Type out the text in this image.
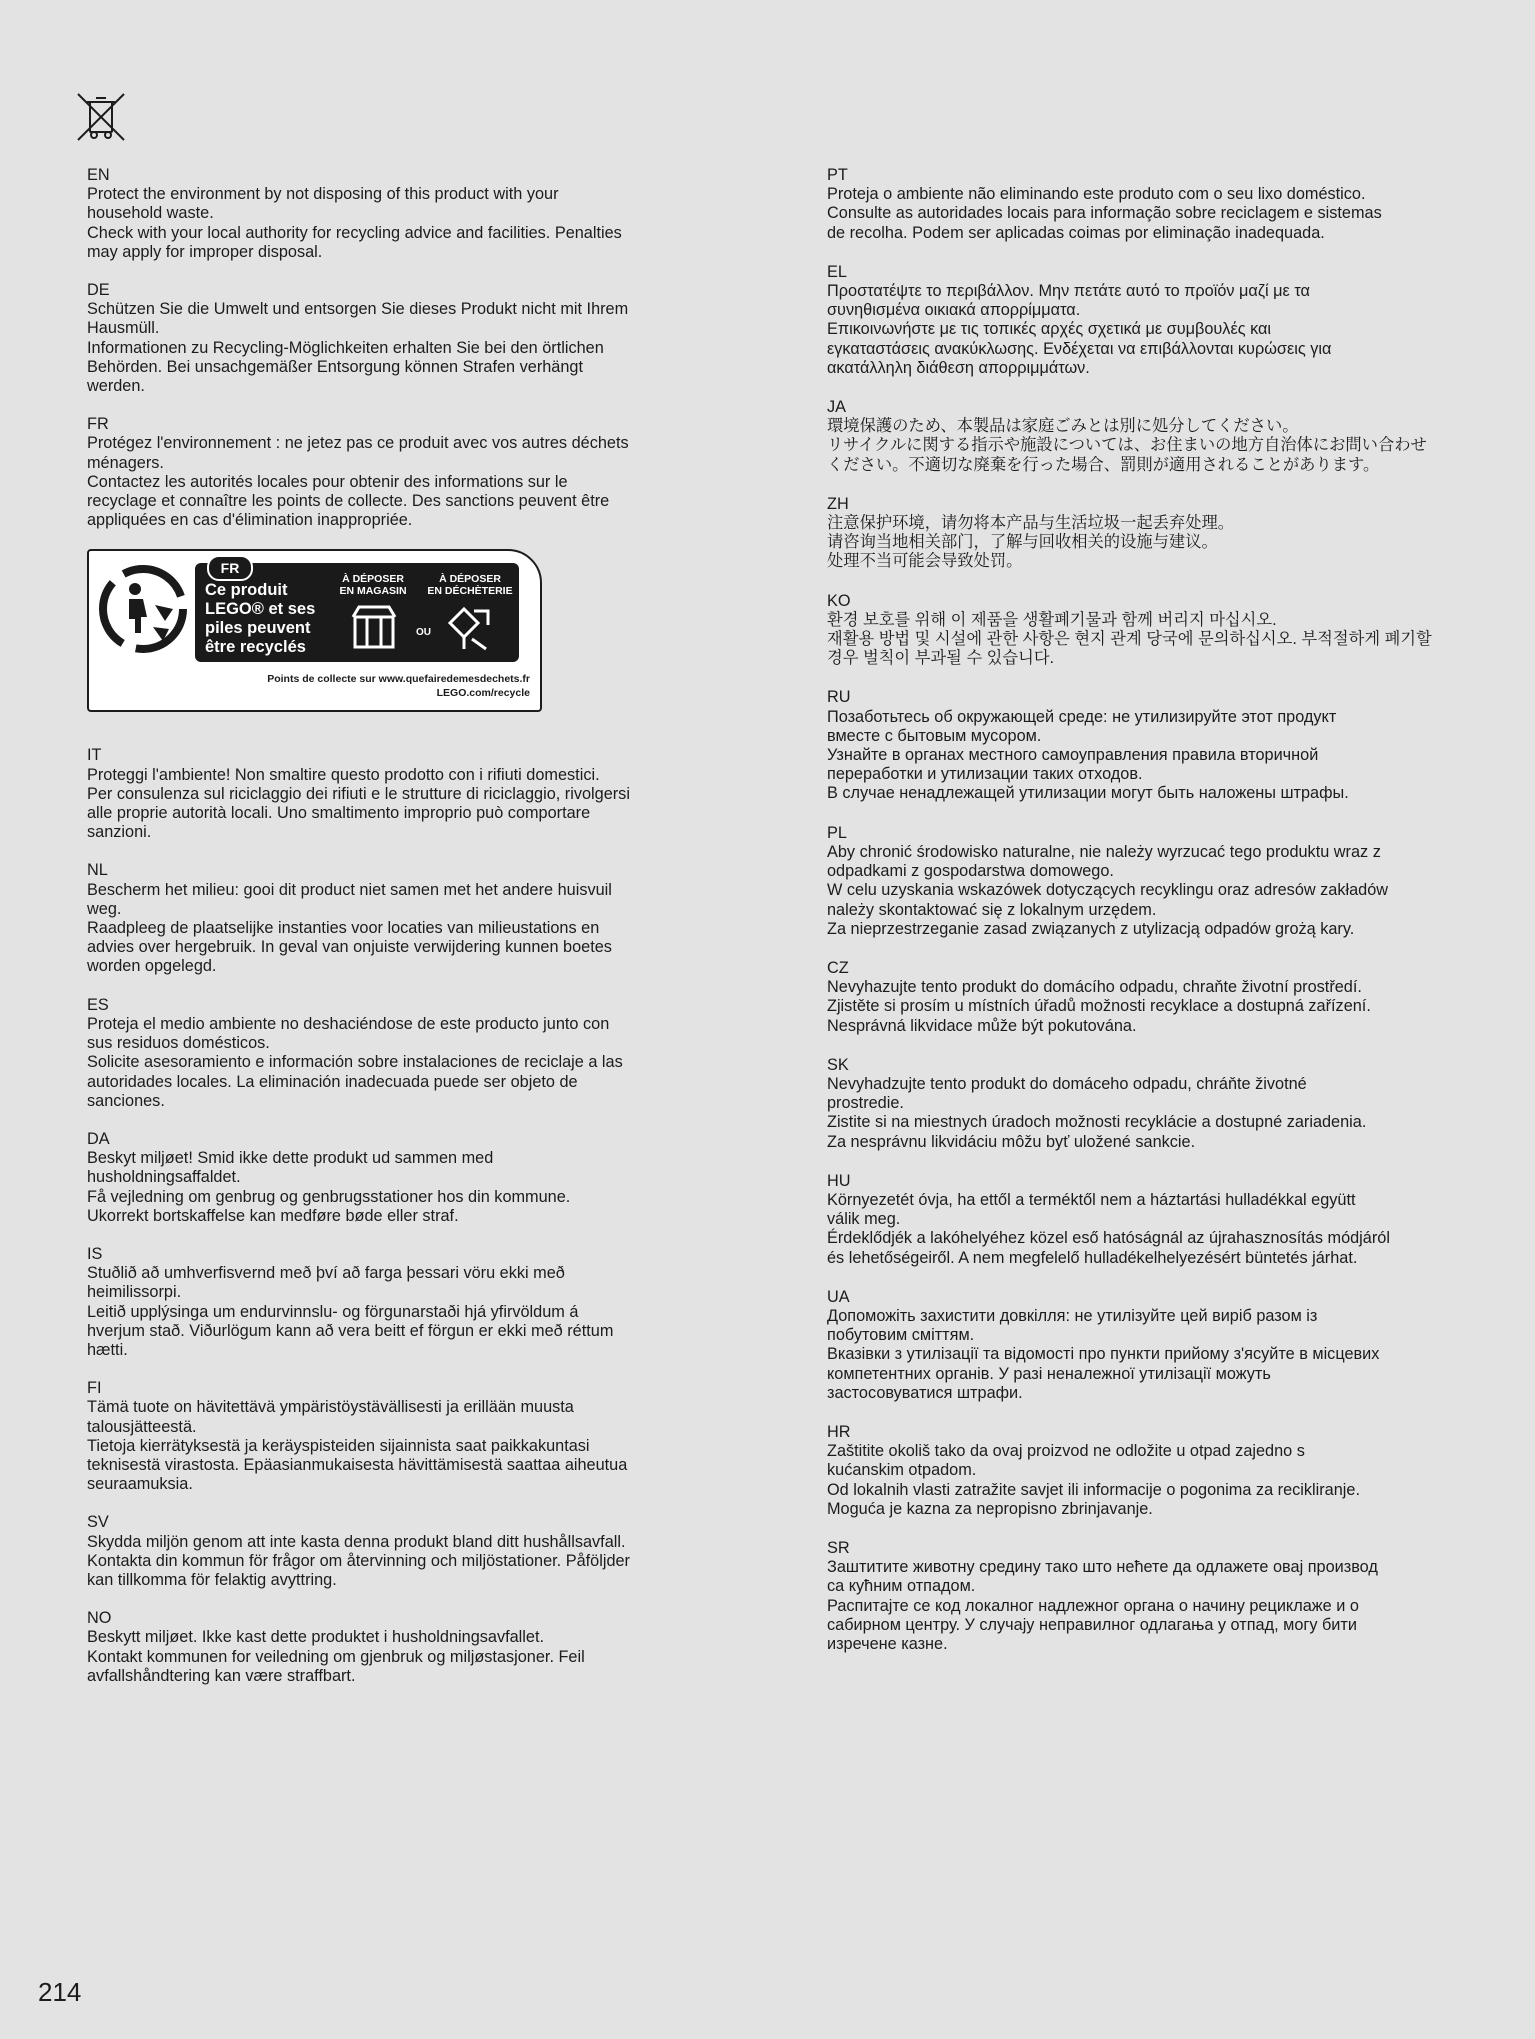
EN
Protect the environment by not disposing of this product with your
household waste.
Check with your local authority for recycling advice and facilities. Penalties
may apply for improper disposal.
DE
Schützen Sie die Umwelt und entsorgen Sie dieses Produkt nicht mit Ihrem
Hausmüll.
Informationen zu Recycling-Möglichkeiten erhalten Sie bei den örtlichen
Behörden. Bei unsachgemäßer Entsorgung können Strafen verhängt
werden.
FR
Protégez l'environnement : ne jetez pas ce produit avec vos autres déchets
ménagers.
Contactez les autorités locales pour obtenir des informations sur le
recyclage et connaître les points de collecte. Des sanctions peuvent être
appliquées en cas d'élimination inappropriée.
FR
Ce produit
LEGO® et ses
piles peuvent
être recyclés
À DÉPOSER
EN MAGASIN
À DÉPOSER
EN DÉCHÈTERIE
OU
Points de collecte sur www.quefairedemesdechets.fr
LEGO.com/recycle
IT
Proteggi l'ambiente! Non smaltire questo prodotto con i rifiuti domestici.
Per consulenza sul riciclaggio dei rifiuti e le strutture di riciclaggio, rivolgersi
alle proprie autorità locali. Uno smaltimento improprio può comportare
sanzioni.
NL
Bescherm het milieu: gooi dit product niet samen met het andere huisvuil
weg.
Raadpleeg de plaatselijke instanties voor locaties van milieustations en
advies over hergebruik. In geval van onjuiste verwijdering kunnen boetes
worden opgelegd.
ES
Proteja el medio ambiente no deshaciéndose de este producto junto con
sus residuos domésticos.
Solicite asesoramiento e información sobre instalaciones de reciclaje a las
autoridades locales. La eliminación inadecuada puede ser objeto de
sanciones.
DA
Beskyt miljøet! Smid ikke dette produkt ud sammen med
husholdningsaffaldet.
Få vejledning om genbrug og genbrugsstationer hos din kommune.
Ukorrekt bortskaffelse kan medføre bøde eller straf.
IS
Stuðlið að umhverfisvernd með því að farga þessari vöru ekki með
heimilissorpi.
Leitið upplýsinga um endurvinnslu- og förgunarstaði hjá yfirvöldum á
hverjum stað. Viðurlögum kann að vera beitt ef förgun er ekki með réttum
hætti.
FI
Tämä tuote on hävitettävä ympäristöystävällisesti ja erillään muusta
talousjätteestä.
Tietoja kierrätyksestä ja keräyspisteiden sijainnista saat paikkakuntasi
teknisestä virastosta. Epäasianmukaisesta hävittämisestä saattaa aiheutua
seuraamuksia.
SV
Skydda miljön genom att inte kasta denna produkt bland ditt hushållsavfall.
Kontakta din kommun för frågor om återvinning och miljöstationer. Påföljder
kan tillkomma för felaktig avyttring.
NO
Beskytt miljøet. Ikke kast dette produktet i husholdningsavfallet.
Kontakt kommunen for veiledning om gjenbruk og miljøstasjoner. Feil
avfallshåndtering kan være straffbart.
PT
Proteja o ambiente não eliminando este produto com o seu lixo doméstico.
Consulte as autoridades locais para informação sobre reciclagem e sistemas
de recolha. Podem ser aplicadas coimas por eliminação inadequada.
EL
Προστατέψτε το περιβάλλον. Μην πετάτε αυτό το προϊόν μαζί με τα
συνηθισμένα οικιακά απορρίμματα.
Επικοινωνήστε με τις τοπικές αρχές σχετικά με συμβουλές και
εγκαταστάσεις ανακύκλωσης. Ενδέχεται να επιβάλλονται κυρώσεις για
ακατάλληλη διάθεση απορριμμάτων.
JA
環境保護のため、本製品は家庭ごみとは別に処分してください。
リサイクルに関する指示や施設については、お住まいの地方自治体にお問い合わせ
ください。不適切な廃棄を行った場合、罰則が適用されることがあります。
ZH
注意保护环境，请勿将本产品与生活垃圾一起丢弃处理。
请咨询当地相关部门，了解与回收相关的设施与建议。
处理不当可能会导致处罚。
KO
환경 보호를 위해 이 제품을 생활폐기물과 함께 버리지 마십시오.
재활용 방법 및 시설에 관한 사항은 현지 관계 당국에 문의하십시오. 부적절하게 폐기할
경우 벌칙이 부과될 수 있습니다.
RU
Позаботьтесь об окружающей среде: не утилизируйте этот продукт
вместе с бытовым мусором.
Узнайте в органах местного самоуправления правила вторичной
переработки и утилизации таких отходов.
В случае ненадлежащей утилизации могут быть наложены штрафы.
PL
Aby chronić środowisko naturalne, nie należy wyrzucać tego produktu wraz z
odpadkami z gospodarstwa domowego.
W celu uzyskania wskazówek dotyczących recyklingu oraz adresów zakładów
należy skontaktować się z lokalnym urzędem.
Za nieprzestrzeganie zasad związanych z utylizacją odpadów grożą kary.
CZ
Nevyhazujte tento produkt do domácího odpadu, chraňte životní prostředí.
Zjistěte si prosím u místních úřadů možnosti recyklace a dostupná zařízení.
Nesprávná likvidace může být pokutována.
SK
Nevyhadzujte tento produkt do domáceho odpadu, chráňte životné
prostredie.
Zistite si na miestnych úradoch možnosti recyklácie a dostupné zariadenia.
Za nesprávnu likvidáciu môžu byť uložené sankcie.
HU
Környezetét óvja, ha ettől a terméktől nem a háztartási hulladékkal együtt
válik meg.
Érdeklődjék a lakóhelyéhez közel eső hatóságnál az újrahasznosítás módjáról
és lehetőségeiről. A nem megfelelő hulladékelhelyezésért büntetés járhat.
UA
Допоможіть захистити довкілля: не утилізуйте цей виріб разом із
побутовим сміттям.
Вказівки з утилізації та відомості про пункти прийому з'ясуйте в місцевих
компетентних органів. У разі неналежної утилізації можуть
застосовуватися штрафи.
HR
Zaštitite okoliš tako da ovaj proizvod ne odložite u otpad zajedno s
kućanskim otpadom.
Od lokalnih vlasti zatražite savjet ili informacije o pogonima za recikliranje.
Moguća je kazna za nepropisno zbrinjavanje.
SR
Заштитите животну средину тако што нећете да одлажете овај производ
са кућним отпадом.
Распитајте се код локалног надлежног органа о начину рециклаже и о
сабирном центру. У случају неправилног одлагања у отпад, могу бити
изречене казне.
214
